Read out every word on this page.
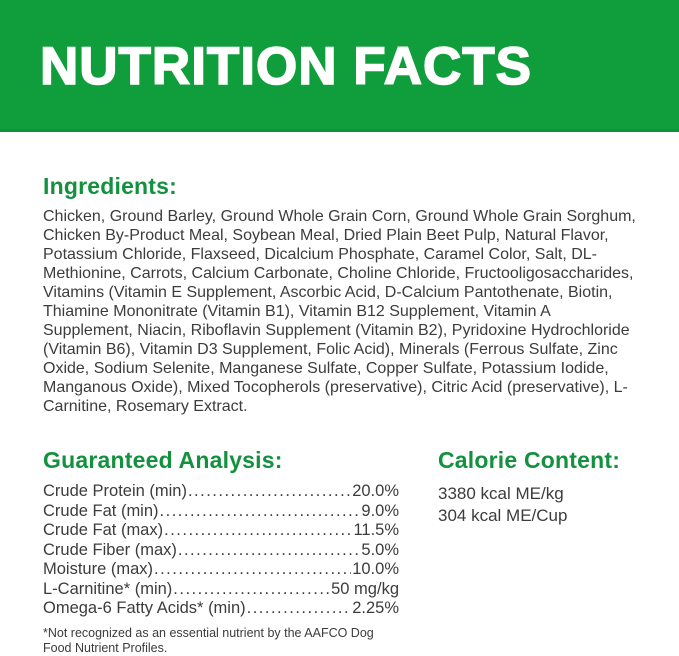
NUTRITION FACTS
Ingredients:
Chicken, Ground Barley, Ground Whole Grain Corn, Ground Whole Grain Sorghum, Chicken By-Product Meal, Soybean Meal, Dried Plain Beet Pulp, Natural Flavor, Potassium Chloride, Flaxseed, Dicalcium Phosphate, Caramel Color, Salt, DL-Methionine, Carrots, Calcium Carbonate, Choline Chloride, Fructooligosaccharides, Vitamins (Vitamin E Supplement, Ascorbic Acid, D-Calcium Pantothenate, Biotin, Thiamine Mononitrate (Vitamin B1), Vitamin B12 Supplement, Vitamin A Supplement, Niacin, Riboflavin Supplement (Vitamin B2), Pyridoxine Hydrochloride (Vitamin B6), Vitamin D3 Supplement, Folic Acid), Minerals (Ferrous Sulfate, Zinc Oxide, Sodium Selenite, Manganese Sulfate, Copper Sulfate, Potassium Iodide, Manganous Oxide), Mixed Tocopherols (preservative), Citric Acid (preservative), L-Carnitine, Rosemary Extract.
Guaranteed Analysis:
Crude Protein (min) .....	20.0%
Crude Fat (min) .....	9.0%
Crude Fat (max) .....	11.5%
Crude Fiber (max) .....	5.0%
Moisture (max) .....	10.0%
L-Carnitine* (min) .....	50 mg/kg
Omega-6 Fatty Acids* (min) .....	2.25%
*Not recognized as an essential nutrient by the AAFCO Dog Food Nutrient Profiles.
Calorie Content:
3380 kcal ME/kg
304 kcal ME/Cup
